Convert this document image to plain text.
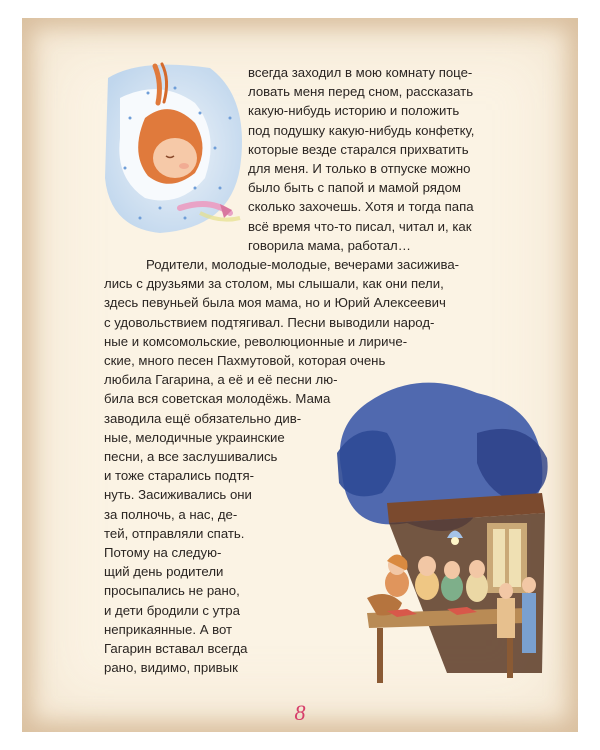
8
всегда заходил в мою комнату поце-
ловать меня перед сном, рассказать
какую-нибудь историю и положить
под подушку какую-нибудь конфетку,
которые везде старался прихватить
для меня. И только в отпуске можно
было быть с папой и мамой рядом
сколько захочешь. Хотя и тогда папа
всё время что-то писал, читал и, как
говорила мама, работал…
Родители, молодые-молодые, вечерами засижива-
лись с друзьями за столом, мы слышали, как они пели,
здесь певуньей была моя мама, но и Юрий Алексеевич
с удовольствием подтягивал. Песни выводили народ-
ные и комсомольские, революционные и лириче-
ские, много песен Пахмутовой, которая очень
любила Гагарина, а её и её песни лю-
била вся советская молодёжь. Мама
заводила ещё обязательно див-
ные, мелодичные украинские
песни, а все заслушивались
и тоже старались подтя-
нуть. Засиживались они
за полночь, а нас, де-
тей, отправляли спать.
Потому на следую-
щий день родители
просыпались не рано,
и дети бродили с утра
неприкаянные. А вот
Гагарин вставал всегда
рано, видимо, привык
